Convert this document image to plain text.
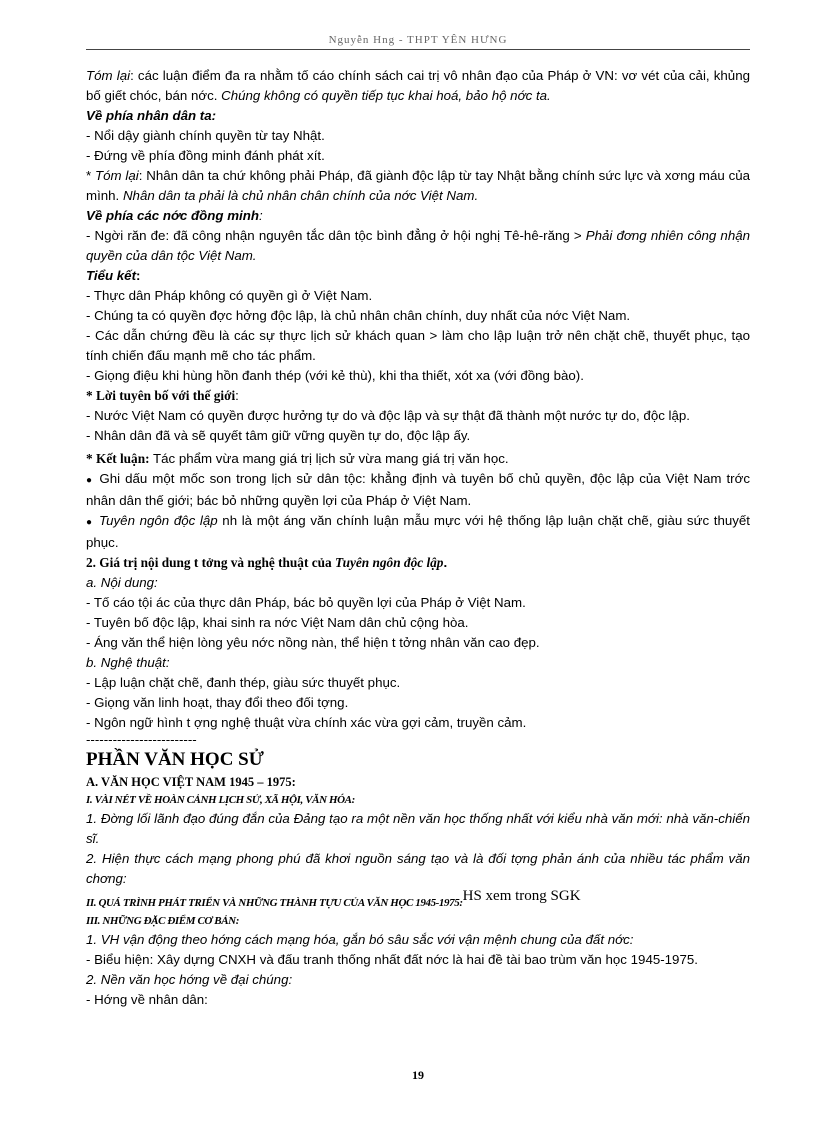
Nguyễn Hng - THPT YÊN HƯNG

Tóm lại: các luận điểm đa ra nhằm tố cáo chính sách cai trị vô nhân đạo của Pháp ở VN: vơ vét của cải, khủng bố giết chóc, bán nớc. Chúng không có quyền tiếp tục khai hoá, bảo hộ nớc ta.

Về phía nhân dân ta:

- Nổi dậy giành chính quyền từ tay Nhật.

- Đứng về phía đồng minh đánh phát xít.

* Tóm lại: Nhân dân ta chứ không phải Pháp, đã giành độc lập từ tay Nhật bằng chính sức lực và xơng máu của mình. Nhân dân ta phải là chủ nhân chân chính của nớc Việt Nam.

Về phía các nớc đồng minh:

- Ngời răn đe: đã công nhận nguyên tắc dân tộc bình đẳng ở hội nghị Tê-hê-răng > Phải đơng nhiên công nhận quyền của dân tộc Việt Nam.

Tiểu kết:

- Thực dân Pháp không có quyền gì ở Việt Nam.

- Chúng ta có quyền đợc hởng độc lập, là chủ nhân chân chính, duy nhất của nớc Việt Nam.

- Các dẫn chứng đều là các sự thực lịch sử khách quan > làm cho lập luận trở nên chặt chẽ, thuyết phục, tạo tính chiến đấu mạnh mẽ cho tác phẩm.

- Giọng điệu khi hùng hồn đanh thép (với kẻ thù), khi tha thiết, xót xa (với đồng bào).

* Lời tuyên bố với thế giới:

- Nước Việt Nam có quyền được hưởng tự do và độc lập và sự thật đã thành một nước tự do, độc lập.

- Nhân dân đã và sẽ quyết tâm giữ vững quyền tự do, độc lập ấy.

* Kết luận: Tác phẩm vừa mang giá trị lịch sử vừa mang giá trị văn học.

● Ghi dấu một mốc son trong lịch sử dân tộc: khẳng định và tuyên bố chủ quyền, độc lập của Việt Nam trớc nhân dân thế giới; bác bỏ những quyền lợi của Pháp ở Việt Nam.

● Tuyên ngôn độc lập nh là một áng văn chính luận mẫu mực với hệ thống lập luận chặt chẽ, giàu sức thuyết phục.

2. Giá trị nội dung t tởng và nghệ thuật của Tuyên ngôn độc lập.

a. Nội dung:

- Tố cáo tội ác của thực dân Pháp, bác bỏ quyền lợi của Pháp ở Việt Nam.

- Tuyên bố độc lập, khai sinh ra nớc Việt Nam dân chủ cộng hòa.

- Áng văn thể hiện lòng yêu nớc nồng nàn, thể hiện t tởng nhân văn cao đẹp.

b. Nghệ thuật:

- Lập luận chặt chẽ, đanh thép, giàu sức thuyết phục.

- Giọng văn linh hoạt, thay đổi theo đối tợng.

- Ngôn ngữ hình t ợng nghệ thuật vừa chính xác vừa gợi cảm, truyền cảm.

-------------------------

PHẦN VĂN HỌC SỬ

A. VĂN HỌC VIỆT NAM 1945 – 1975:

I. VÀI NÉT VỀ HOÀN CẢNH LỊCH SỬ, XÃ HỘI, VĂN HÓA:

1. Đờng lối lãnh đạo đúng đắn của Đảng tạo ra một nền văn học thống nhất với kiểu nhà văn mới: nhà văn-chiến sĩ.

2. Hiện thực cách mạng phong phú đã khơi nguồn sáng tạo và là đối tợng phản ánh của nhiều tác phẩm văn chơng:

II. QUÁ TRÌNH PHÁT TRIỂN VÀ NHỮNG THÀNH TỰU CỦA VĂN HỌC 1945-1975:HS xem trong SGK

III. NHỮNG ĐẶC ĐIỂM CƠ BẢN:

1. VH vận động theo hớng cách mạng hóa, gắn bó sâu sắc với vận mệnh chung của đất nớc:

- Biểu hiện: Xây dựng CNXH và đấu tranh thống nhất đất nớc là hai đề tài bao trùm văn học 1945-1975.

2. Nền văn học hớng về đại chúng:

- Hớng về nhân dân:

19
